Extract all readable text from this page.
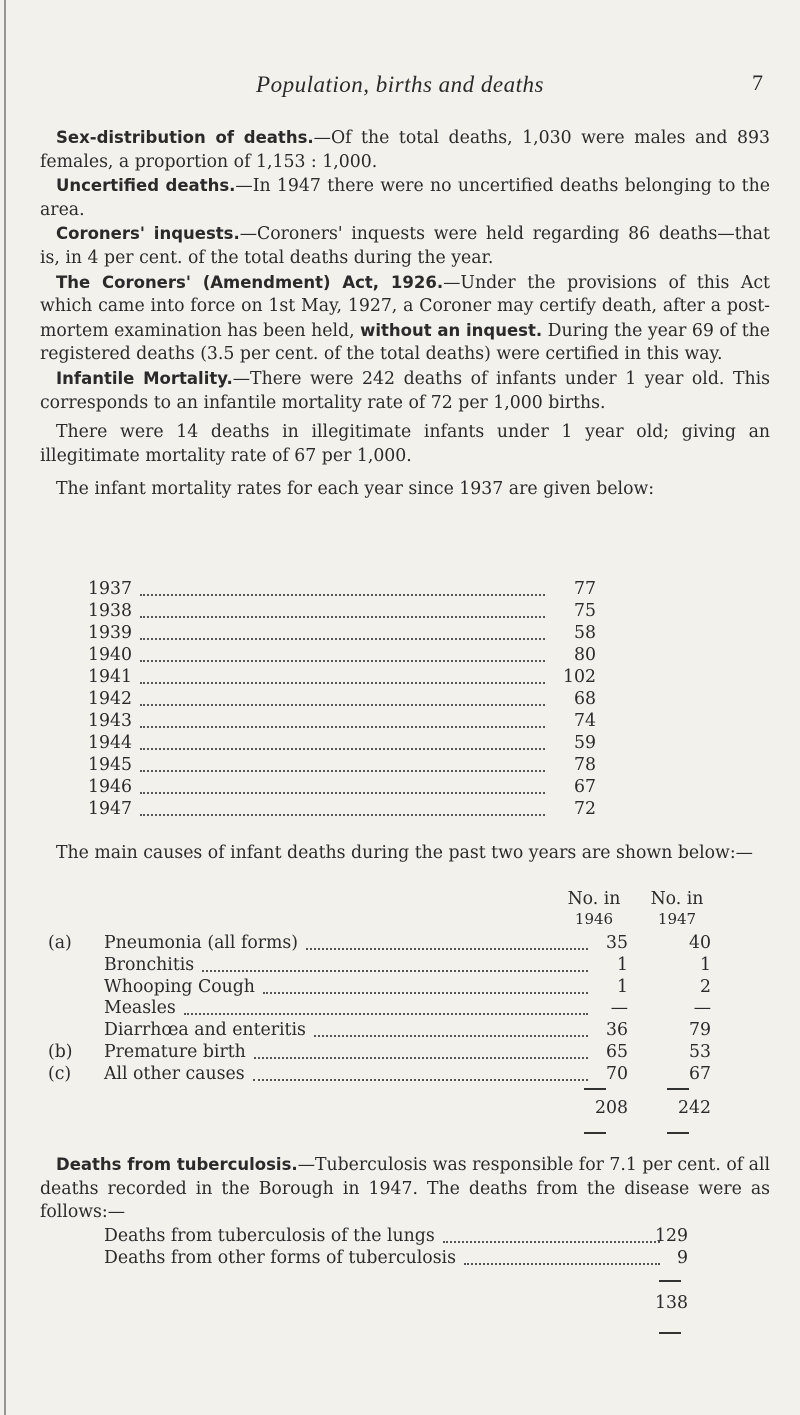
Population, births and deaths	7

Sex-distribution of deaths.—Of the total deaths, 1,030 were males and 893 females, a proportion of 1,153 : 1,000.

Uncertified deaths.—In 1947 there were no uncertified deaths belonging to the area.

Coroners' inquests.—Coroners' inquests were held regarding 86 deaths—that is, in 4 per cent. of the total deaths during the year.

The Coroners' (Amendment) Act, 1926.—Under the provisions of this Act which came into force on 1st May, 1927, a Coroner may certify death, after a post-mortem examination has been held, without an inquest. During the year 69 of the registered deaths (3.5 per cent. of the total deaths) were certified in this way.

Infantile Mortality.—There were 242 deaths of infants under 1 year old. This corresponds to an infantile mortality rate of 72 per 1,000 births.

There were 14 deaths in illegitimate infants under 1 year old; giving an illegitimate mortality rate of 67 per 1,000.

The infant mortality rates for each year since 1937 are given below:

1937	77
1938	75
1939	58
1940	80
1941	102
1942	68
1943	74
1944	59
1945	78
1946	67
1947	72

The main causes of infant deaths during the past two years are shown below:—

No. in
1946
No. in
1947
(a) Pneumonia (all forms)	35	40
Bronchitis	1	1
Whooping Cough	1	2
Measles	—	—
Diarrhœa and enteritis	36	79
(b) Premature birth	65	53
(c) All other causes	70	67
208	242

Deaths from tuberculosis.—Tuberculosis was responsible for 7.1 per cent. of all deaths recorded in the Borough in 1947. The deaths from the disease were as follows:—

Deaths from tuberculosis of the lungs	129
Deaths from other forms of tuberculosis	9
138
